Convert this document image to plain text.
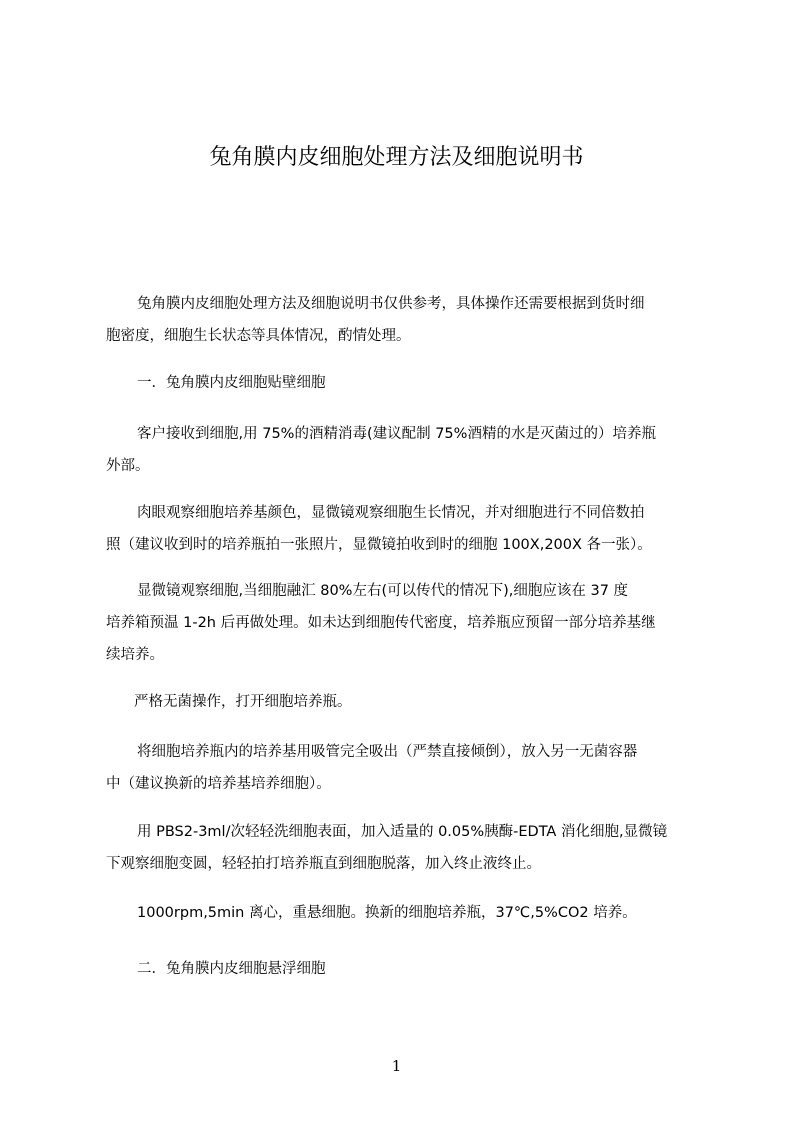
兔角膜内皮细胞处理方法及细胞说明书
兔角膜内皮细胞处理方法及细胞说明书仅供参考，具体操作还需要根据到货时细
胞密度，细胞生长状态等具体情况，酌情处理。
一．兔角膜内皮细胞贴壁细胞
客户接收到细胞,用 75%的酒精消毒(建议配制 75%酒精的水是灭菌过的）培养瓶
外部。
肉眼观察细胞培养基颜色，显微镜观察细胞生长情况，并对细胞进行不同倍数拍
照（建议收到时的培养瓶拍一张照片，显微镜拍收到时的细胞 100X,200X 各一张）。
显微镜观察细胞,当细胞融汇 80%左右(可以传代的情况下),细胞应该在 37 度
培养箱预温 1-2h 后再做处理。如未达到细胞传代密度，培养瓶应预留一部分培养基继
续培养。
严格无菌操作，打开细胞培养瓶。
将细胞培养瓶内的培养基用吸管完全吸出（严禁直接倾倒），放入另一无菌容器
中（建议换新的培养基培养细胞）。
用 PBS2-3ml/次轻轻洗细胞表面，加入适量的 0.05%胰酶-EDTA 消化细胞,显微镜
下观察细胞变圆，轻轻拍打培养瓶直到细胞脱落，加入终止液终止。
1000rpm,5min 离心，重悬细胞。换新的细胞培养瓶，37℃,5%CO2 培养。
二．兔角膜内皮细胞悬浮细胞
1
